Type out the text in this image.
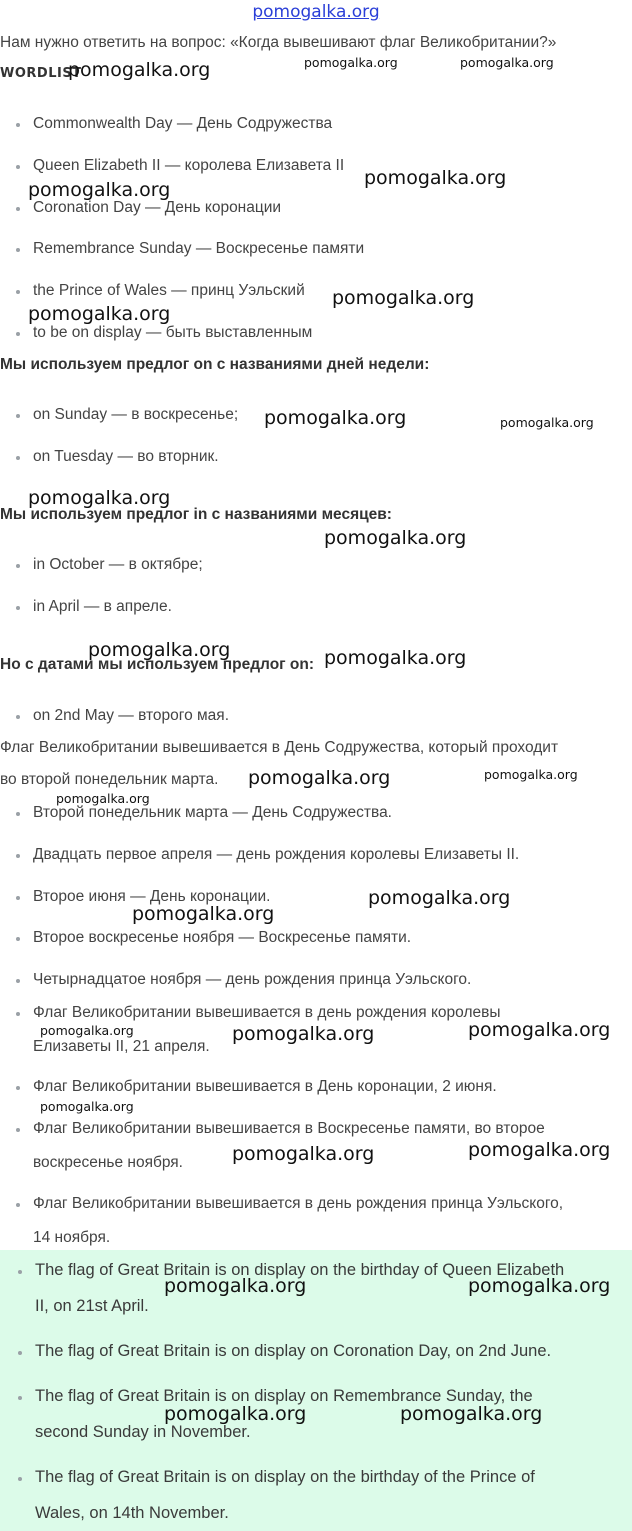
pomogalka.org
Нам нужно ответить на вопрос: «Когда вывешивают флаг Великобритании?»
WORDLIST
Commonwealth Day — День Содружества
Queen Elizabeth II — королева Елизавета II
Coronation Day — День коронации
Remembrance Sunday — Воскресенье памяти
the Prince of Wales — принц Уэльский
to be on display — быть выставленным
Мы используем предлог on с названиями дней недели:
on Sunday — в воскресенье;
on Tuesday — во вторник.
Мы используем предлог in с названиями месяцев:
in October — в октябре;
in April — в апреле.
Но с датами мы используем предлог on:
on 2nd May — второго мая.
Флаг Великобритании вывешивается в День Содружества, который проходит
во второй понедельник марта.
Второй понедельник марта — День Содружества.
Двадцать первое апреля — день рождения королевы Елизаветы II.
Второе июня — День коронации.
Второе воскресенье ноября — Воскресенье памяти.
Четырнадцатое ноября — день рождения принца Уэльского.
Флаг Великобритании вывешивается в день рождения королевы
Елизаветы II, 21 апреля.
Флаг Великобритании вывешивается в День коронации, 2 июня.
Флаг Великобритании вывешивается в Воскресенье памяти, во второе
воскресенье ноября.
Флаг Великобритании вывешивается в день рождения принца Уэльского,
14 ноября.
The flag of Great Britain is on display on the birthday of Queen Elizabeth
II, on 21st April.
The flag of Great Britain is on display on Coronation Day, on 2nd June.
The flag of Great Britain is on display on Remembrance Sunday, the
second Sunday in November.
The flag of Great Britain is on display on the birthday of the Prince of
Wales, on 14th November.
pomogalka.org	pomogalka.org	pomogalka.org
pomogalka.org
pomogalka.org
pomogalka.org
pomogalka.org
pomogalka.org	pomogalka.org
pomogalka.org
pomogalka.org
pomogalka.org	pomogalka.org
pomogalka.org	pomogalka.org
pomogalka.org
pomogalka.org
pomogalka.org
pomogalka.org	pomogalka.org	pomogalka.org
pomogalka.org
pomogalka.org	pomogalka.org
pomogalka.org	pomogalka.org
pomogalka.org	pomogalka.org
